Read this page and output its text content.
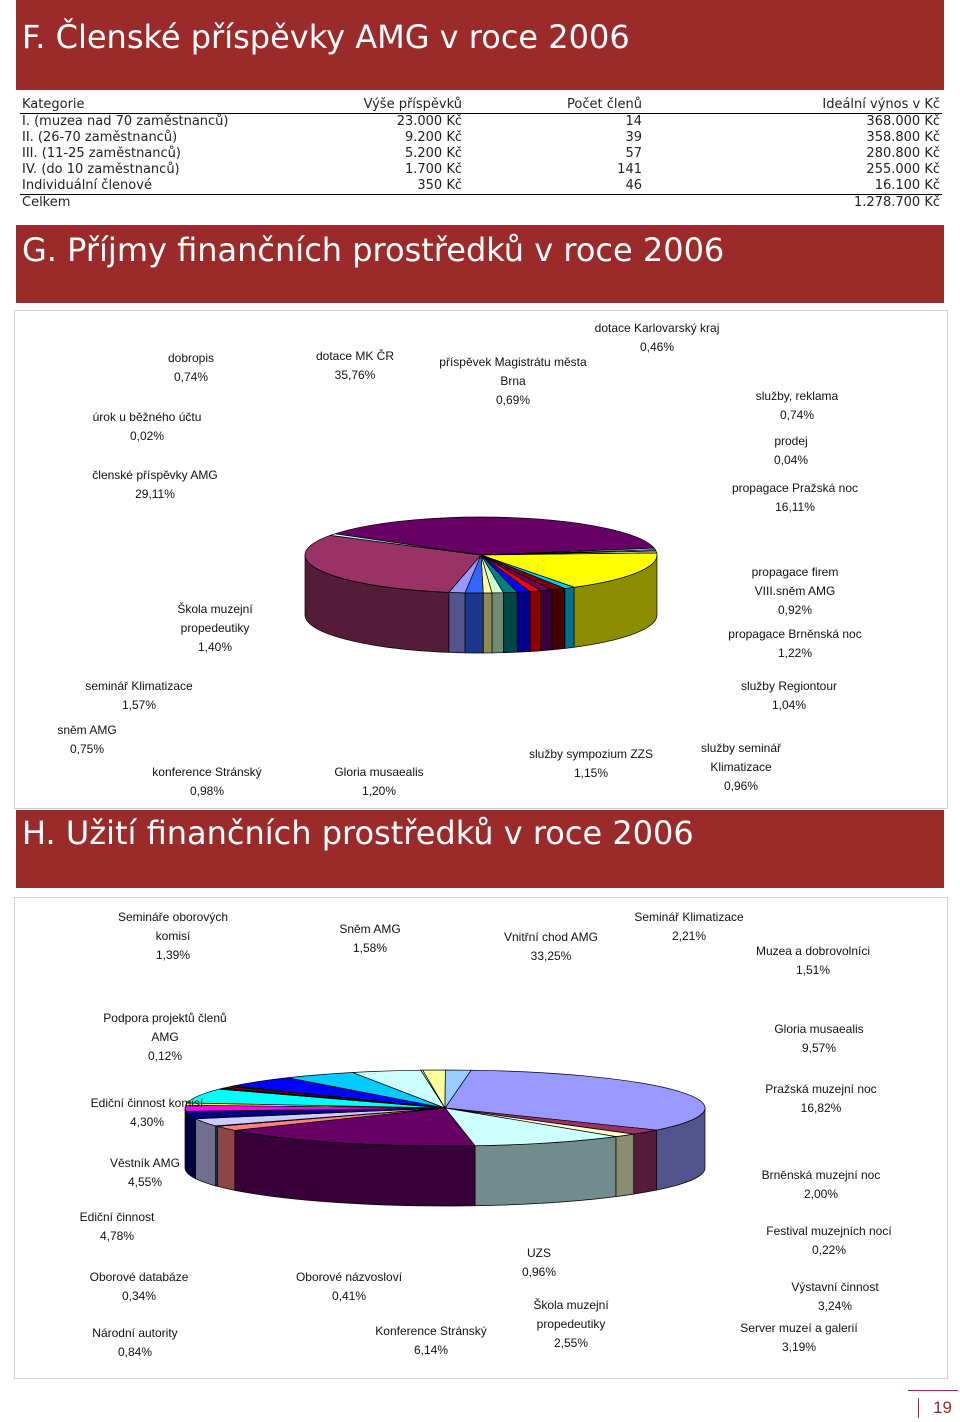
F. Členské příspěvky AMG v roce 2006
Kategorie	Výše příspěvků	Počet členů	Ideální výnos v Kč
I. (muzea nad 70 zaměstnanců)	23.000 Kč	14	368.000 Kč
II. (26-70 zaměstnanců)	9.200 Kč	39	358.800 Kč
III. (11-25 zaměstnanců)	5.200 Kč	57	280.800 Kč
IV. (do 10 zaměstnanců)	1.700 Kč	141	255.000 Kč
Individuální členové	350 Kč	46	16.100 Kč
Celkem			1.278.700 Kč
G. Příjmy finančních prostředků v roce 2006
dotace MK ČR
35,76%
příspěvek Magistrátu města Brna
0,69%
dotace Karlovarský kraj
0,46%
služby, reklama
0,74%
prodej
0,04%
propagace Pražská noc
16,11%
propagace firem VIII.sněm AMG
0,92%
propagace Brněnská noc
1,22%
služby Regiontour
1,04%
služby seminář Klimatizace
0,96%
služby sympozium ZZS
1,15%
Gloria musaealis
1,20%
konference Stránský
0,98%
sněm AMG
0,75%
seminář Klimatizace
1,57%
Škola muzejní propedeutiky
1,40%
členské příspěvky AMG
29,11%
úrok u běžného účtu
0,02%
dobropis
0,74%
H. Užití finančních prostředků v roce 2006
Vnitřní chod AMG
33,25%
Seminář Klimatizace
2,21%
Muzea a dobrovolníci
1,51%
Gloria musaealis
9,57%
Pražská muzejní noc
16,82%
Brněnská muzejní noc
2,00%
Festival muzejních nocí
0,22%
Výstavní činnost
3,24%
Server muzeí a galerií
3,19%
Škola muzejní propedeutiky
2,55%
UZS
0,96%
Konference Stránský
6,14%
Oborové názvosloví
0,41%
Národní autority
0,84%
Oborové databáze
0,34%
Ediční činnost
4,78%
Věstník AMG
4,55%
Ediční činnost komisí
4,30%
Podpora projektů členů AMG
0,12%
Semináře oborových komisí
1,39%
Sněm AMG
1,58%
19
